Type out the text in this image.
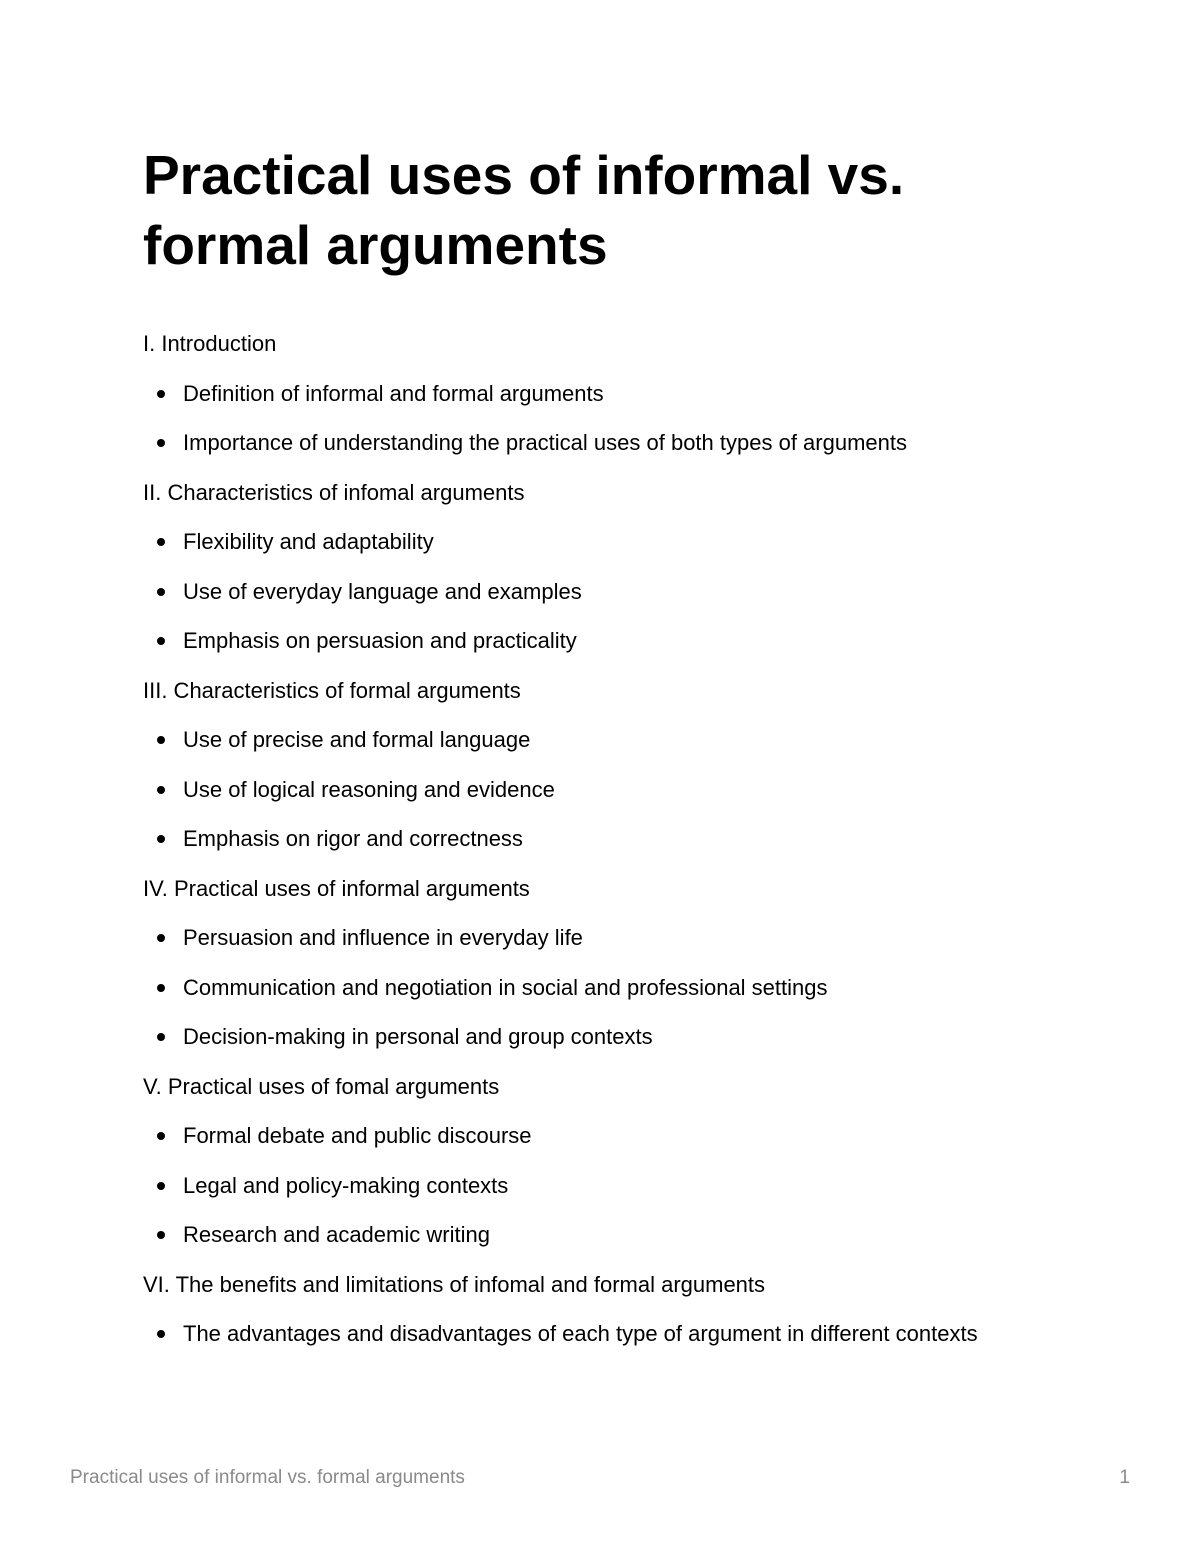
Practical uses of informal vs. formal arguments
I. Introduction
Definition of informal and formal arguments
Importance of understanding the practical uses of both types of arguments
II. Characteristics of infomal arguments
Flexibility and adaptability
Use of everyday language and examples
Emphasis on persuasion and practicality
III. Characteristics of formal arguments
Use of precise and formal language
Use of logical reasoning and evidence
Emphasis on rigor and correctness
IV. Practical uses of informal arguments
Persuasion and influence in everyday life
Communication and negotiation in social and professional settings
Decision-making in personal and group contexts
V. Practical uses of fomal arguments
Formal debate and public discourse
Legal and policy-making contexts
Research and academic writing
VI. The benefits and limitations of infomal and formal arguments
The advantages and disadvantages of each type of argument in different contexts
Practical uses of informal vs. formal arguments	1
